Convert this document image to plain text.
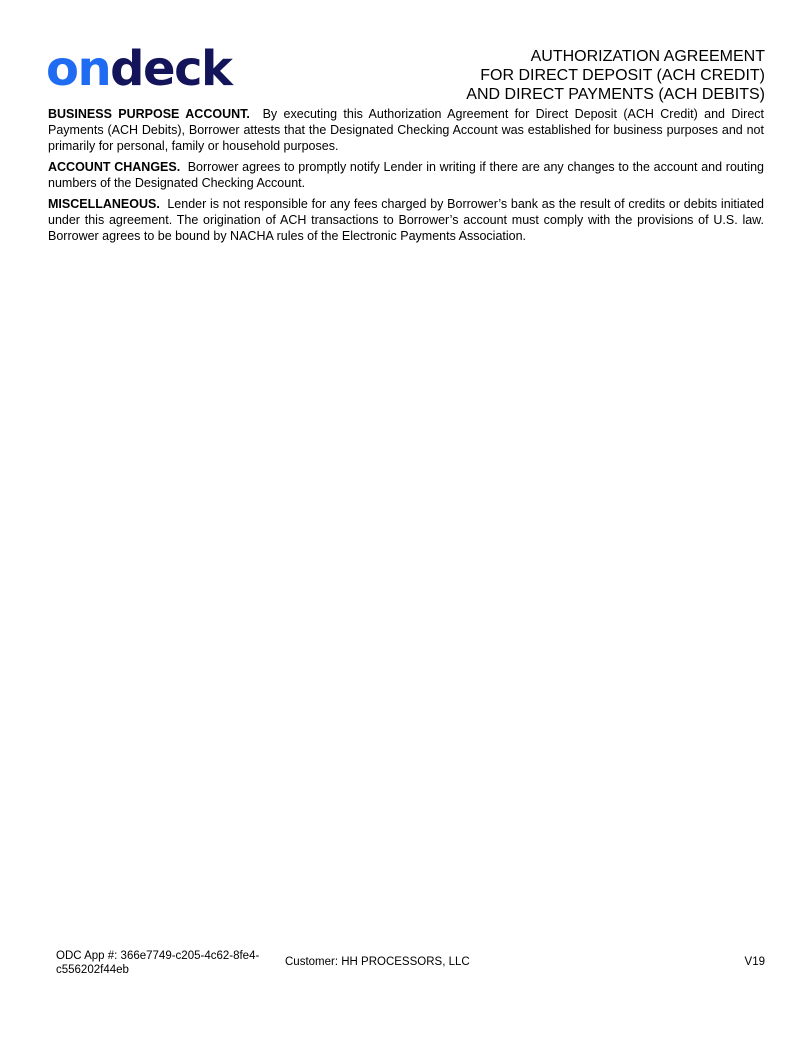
ondeck	AUTHORIZATION AGREEMENT
FOR DIRECT DEPOSIT (ACH CREDIT)
AND DIRECT PAYMENTS (ACH DEBITS)

BUSINESS PURPOSE ACCOUNT. By executing this Authorization Agreement for Direct Deposit (ACH Credit) and Direct Payments (ACH Debits), Borrower attests that the Designated Checking Account was established for business purposes and not primarily for personal, family or household purposes.

ACCOUNT CHANGES. Borrower agrees to promptly notify Lender in writing if there are any changes to the account and routing numbers of the Designated Checking Account.

MISCELLANEOUS. Lender is not responsible for any fees charged by Borrower’s bank as the result of credits or debits initiated under this agreement. The origination of ACH transactions to Borrower’s account must comply with the provisions of U.S. law. Borrower agrees to be bound by NACHA rules of the Electronic Payments Association.

ODC App #: 366e7749-c205-4c62-8fe4-c556202f44eb
Customer: HH PROCESSORS, LLC	V19
